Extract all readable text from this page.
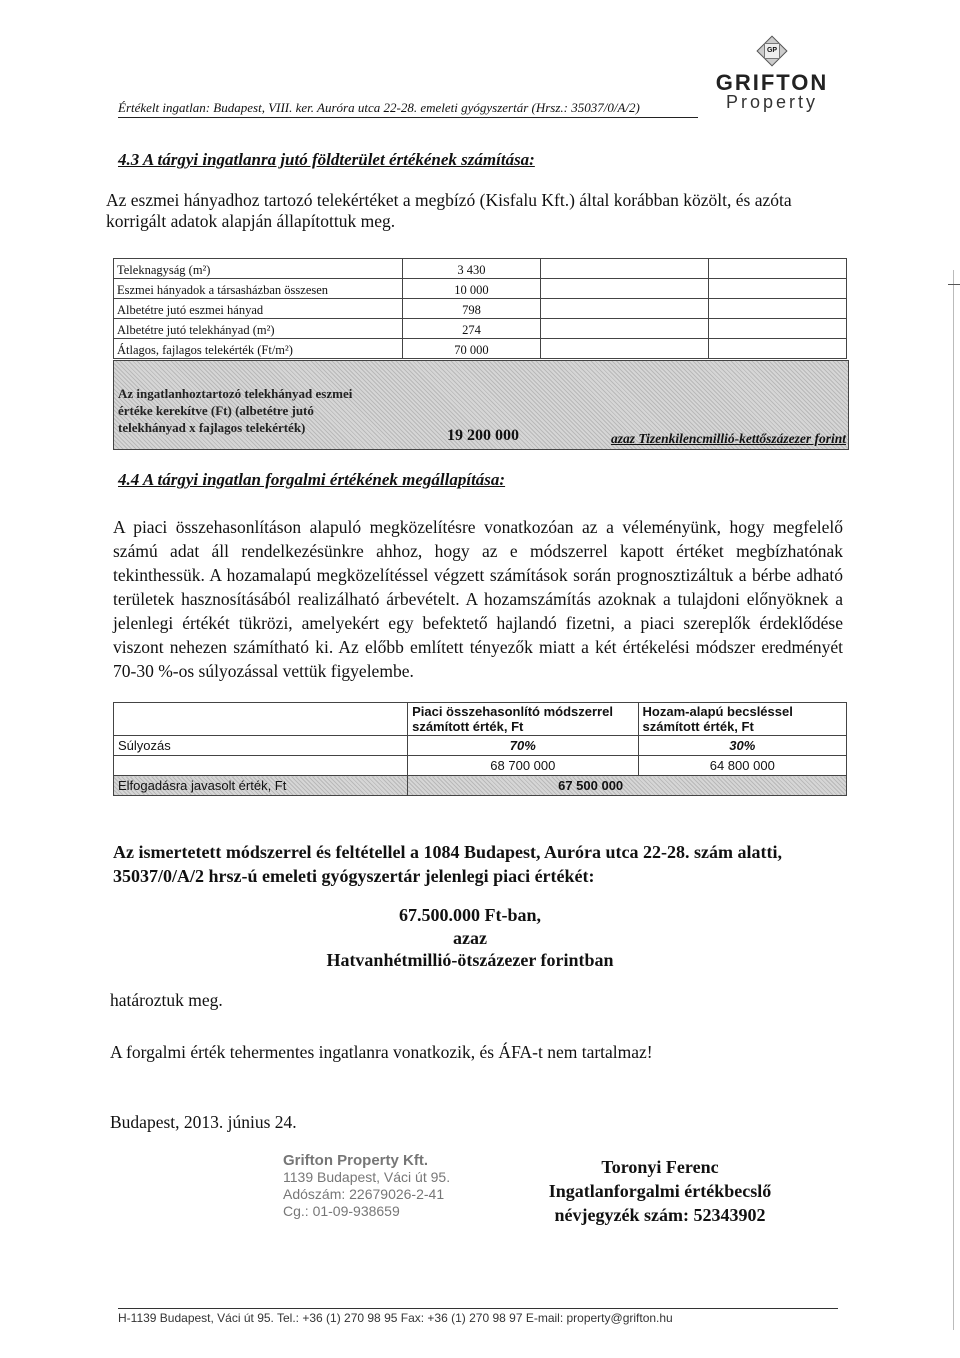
Értékelt ingatlan: Budapest, VIII. ker. Auróra utca 22-28. emeleti gyógyszertár (Hrsz.: 35037/0/A/2)
GP
GRIFTON
Property
4.3 A tárgyi ingatlanra jutó földterület értékének számítása:
Az eszmei hányadhoz tartozó telekértéket a megbízó (Kisfalu Kft.) által korábban közölt, és azóta korrigált adatok alapján állapítottuk meg.
Teleknagyság (m²)	3 430		
Eszmei hányadok a társasházban összesen	10 000		
Albetétre jutó eszmei hányad	798		
Albetétre jutó telekhányad (m²)	274		
Átlagos, fajlagos telekérték (Ft/m²)	70 000		
Az ingatlanhoztartozó telekhányad eszmei értéke kerekítve (Ft) (albetétre jutó telekhányad x fajlagos telekérték)	19 200 000	azaz Tizenkilencmillió-kettőszázezer forint
4.4 A tárgyi ingatlan forgalmi értékének megállapítása:
A piaci összehasonlításon alapuló megközelítésre vonatkozóan az a véleményünk, hogy megfelelő számú adat áll rendelkezésünkre ahhoz, hogy az e módszerrel kapott értéket megbízhatónak tekinthessük. A hozamalapú megközelítéssel végzett számítások során prognosztizáltuk a bérbe adható területek hasznosításából realizálható árbevételt. A hozamszámítás azoknak a tulajdoni előnyöknek a jelenlegi értékét tükrözi, amelyekért egy befektető hajlandó fizetni, a piaci szereplők érdeklődése viszont nehezen számítható ki. Az előbb említett tényezők miatt a két értékelési módszer eredményét 70-30 %-os súlyozással vettük figyelembe.
	Piaci összehasonlító módszerrel számított érték, Ft	Hozam-alapú becsléssel számított érték, Ft
Súlyozás	70%	30%
	68 700 000	64 800 000
Elfogadásra javasolt érték, Ft	67 500 000	
Az ismertetett módszerrel és feltétellel a 1084 Budapest, Auróra utca 22-28. szám alatti, 35037/0/A/2 hrsz-ú emeleti gyógyszertár jelenlegi piaci értékét:
67.500.000 Ft-ban,
azaz
Hatvanhétmillió-ötszázezer forintban
határoztuk meg.
A forgalmi érték tehermentes ingatlanra vonatkozik, és ÁFA-t nem tartalmaz!
Budapest, 2013. június 24.
Grifton Property Kft.
1139 Budapest, Váci út 95.
Adószám: 22679026-2-41
Cg.: 01-09-938659
Toronyi Ferenc
Ingatlanforgalmi értékbecslő
névjegyzék szám: 52343902
H-1139 Budapest, Váci út 95. Tel.: +36 (1) 270 98 95 Fax: +36 (1) 270 98 97 E-mail: property@grifton.hu
